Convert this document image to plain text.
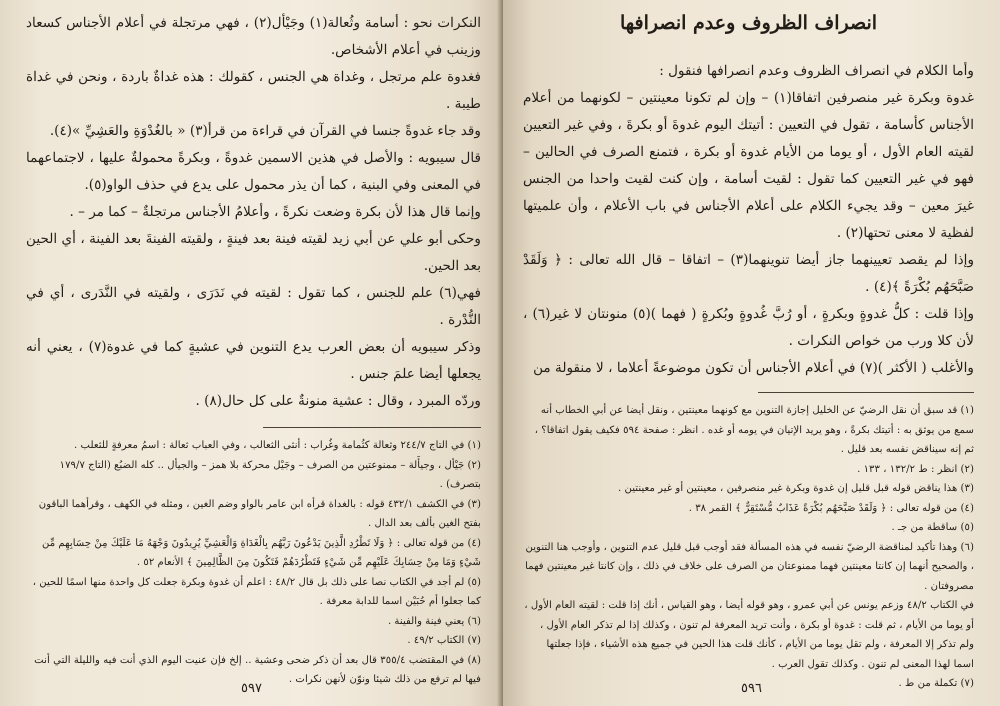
النكرات نحو : أسامة وثُعالة(١) وجَيْأل(٢) ، فهي مرتجلة في أعلام الأجناس كسعاد وزينب في أعلام الأشخاص.

فغدوة علم مرتجل ، وغداة هي الجنس ، كقولك : هذه غداةٌ باردة ، ونحن في غداة طيبة .

وقد جاء غدوةً جنسا في القرآن في قراءة من قرأ(٣) « بالغُدْوَةِ والعَشِيِّ »(٤).

قال سيبويه : والأصل في هذين الاسمين غدوةً ، وبكرةً محمولةٌ عليها ، لاجتماعهما في المعنى وفي البنية ، كما أن يذر محمول على يدع في حذف الواو(٥).

وإنما قال هذا لأن بكرة وضعت نكرةً ، وأعلامُ الأجناس مرتجلةٌ – كما مر – .

وحكى أبو علي عن أبي زيد لقيته فينة بعد فينةٍ ، ولقيته الفينةَ بعد الفينة ، أي الحين بعد الحين.

فهي(٦) علم للجنس ، كما تقول : لقيته في نَدَرَى ، ولقيته في النَّدَرى ، أي في النُّدْرة .

وذكر سيبويه أن بعض العرب يدع التنوين في عشيةٍ كما في غدوة(٧) ، يعني أنه يجعلها أيضا علمَ جنس .

وردّه المبرد ، وقال : عشية منونةٌ على كل حال(٨) .

(١) في التاج ٢٤٤/٧ وثعالة كثُمامة وغُراب : أنثى الثعالب ، وفي العباب ثعالة : اسمُ معرفةٍ للثعلب .

(٢) جَيْأل ، وجيأَلة – ممنوعتين من الصرف – وجَيْل محركة بلا همز – والجيأل .. كله الضبُع (التاج ١٧٩/٧ بتصرف) .

(٣) في الكشف ٤٣٢/١ قوله : بالغداة قرأه ابن عامر بالواو وضم الغين ، ومثله في الكهف ، وقرأهما الباقون بفتح الغين بألف بعد الدال .

(٤) من قوله تعالى : ﴿ وَلَا تَطْرُدِ الَّذِينَ يَدْعُونَ رَبَّهُم بِالْغَدَاةِ وَالْعَشِيِّ يُرِيدُونَ وَجْهَهُ مَا عَلَيْكَ مِنْ حِسَابِهِم مِّن شَيْءٍ وَمَا مِنْ حِسَابِكَ عَلَيْهِم مِّن شَيْءٍ فَتَطْرُدَهُمْ فَتَكُونَ مِنَ الظَّالِمِينَ ﴾ الأنعام ٥٢ .

(٥) لم أجد في الكتاب نصا على ذلك بل قال ٤٨/٢ : اعلم أن غدوة وبكرة جعلت كل واحدة منها اسمًا للحين ، كما جعلوا أم حُبَيْن اسما للدابة معرفة .

(٦) يعني فينة والفينة .

(٧) الكتاب ٤٩/٢ .

(٨) في المقتضب ٣٥٥/٤ قال بعد أن ذكر ضحى وعشية .. إلخ فإن عنيت اليوم الذي أنت فيه والليلة التي أنت فيها لم ترفع من ذلك شيئا ونوّن لأنهن نكرات .

٥٩٧
انصراف الظروف وعدم انصرافها

وأما الكلام في انصراف الظروف وعدم انصرافها فنقول :

غدوة وبكرة غير منصرفين اتفاقا(١) – وإن لم تكونا معينتين – لكونهما من أعلام الأجناس كأسامة ، تقول في التعيين : أتيتك اليوم غدوةَ أو بكرةَ ، وفي غير التعيين لقيته العام الأول ، أو يوما من الأيام غدوة أو بكرة ، فتمنع الصرف في الحالين – فهو في غير التعيين كما تقول : لقيت أسامة ، وإن كنت لقيت واحدا من الجنس غيرَ معين – وقد يجيء الكلام على أعلام الأجناس في باب الأعلام ، وأن علميتها لفظية لا معنى تحتها(٢) .

وإذا لم يقصد تعيينهما جاز أيضا تنوينهما(٣) – اتفاقا – قال الله تعالى : ﴿ وَلَقَدْ صَبَّحَهُم بُكْرَةً ﴾(٤) .

وإذا قلت : كلُّ غدوةٍ وبكرةٍ ، أو رُبَّ غُدوةٍ وبُكرةٍ ( فهما )(٥) منونتان لا غير(٦) ، لأن كلا ورب من خواص النكرات .

والأغلب ( الأكثر )(٧) في أعلام الأجناس أن تكون موضوعةً أعلاما ، لا منقولة من

(١) قد سبق أن نقل الرضيّ عن الخليل إجازة التنوين مع كونهما معينتين ، ونقل أيضا عن أبي الخطاب أنه سمع من يوثق به : أتيتك بكرةً ، وهو يريد الإتيان في يومه أو غده . انظر : صفحة ٥٩٤ فكيف يقول اتفاقا؟ ، ثم إنه سيناقض نفسه بعد قليل .

(٢) انظر : ط ١٣٢/٢ ، ١٣٣ .

(٣) هذا يناقض قوله قبل قليل إن غدوة وبكرة غير منصرفين ، معينتين أو غير معينتين .

(٤) من قوله تعالى : ﴿ وَلَقَدْ صَبَّحَهُم بُكْرَةً عَذَابٌ مُّسْتَقِرٌّ ﴾ القمر ٣٨ .

(٥) ساقطة من جـ .

(٦) وهذا تأكيد لمناقضة الرضيّ نفسه في هذه المسألة فقد أوجب قبل قليل عدم التنوين ، وأوجب هنا التنوين ، والصحيح أنهما إن كانتا معينتين فهما ممنوعتان من الصرف على خلاف في ذلك ، وإن كانتا غير معينتين فهما مصروفتان .

في الكتاب ٤٨/٢ وزعم يونس عن أبي عمرو ، وهو قوله أيضا ، وهو القياس ، أنك إذا قلت : لقيته العام الأول ، أو يوما من الأيام ، ثم قلت : غدوة أو بكرة ، وأنت تريد المعرفة لم تنون ، وكذلك إذا لم تذكر العام الأول ، ولم تذكر إلا المعرفة ، ولم تقل يوما من الأيام ، كأنك قلت هذا الحين في جميع هذه الأشياء ، فإذا جعلتها اسما لهذا المعنى لم تنون . وكذلك تقول العرب .

(٧) تكملة من ط .

٥٩٦
